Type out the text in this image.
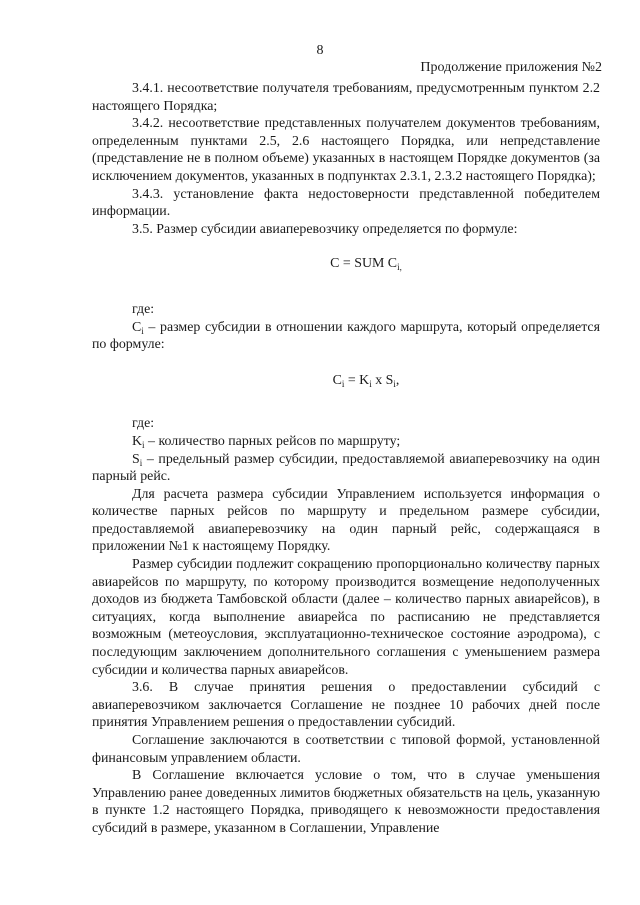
8
Продолжение приложения №2

3.4.1. несоответствие получателя требованиям, предусмотренным пунктом 2.2 настоящего Порядка;

3.4.2. несоответствие представленных получателем документов требованиям, определенным пунктами 2.5, 2.6 настоящего Порядка, или непредставление (представление не в полном объеме) указанных в настоящем Порядке документов (за исключением документов, указанных в подпунктах 2.3.1, 2.3.2 настоящего Порядка);

3.4.3. установление факта недостоверности представленной победителем информации.

3.5. Размер субсидии авиаперевозчику определяется по формуле:

C = SUM $C_{i,}$

где:

$C_i$ – размер субсидии в отношении каждого маршрута, который определяется по формуле:

$C_i = K_i$ x $S_i$,

где:

$K_i$ – количество парных рейсов по маршруту;

$S_i$ – предельный размер субсидии, предоставляемой авиаперевозчику на один парный рейс.

Для расчета размера субсидии Управлением используется информация о количестве парных рейсов по маршруту и предельном размере субсидии, предоставляемой авиаперевозчику на один парный рейс, содержащаяся в приложении №1 к настоящему Порядку.

Размер субсидии подлежит сокращению пропорционально количеству парных авиарейсов по маршруту, по которому производится возмещение недополученных доходов из бюджета Тамбовской области (далее – количество парных авиарейсов), в ситуациях, когда выполнение авиарейса по расписанию не представляется возможным (метеоусловия, эксплуатационно-техническое состояние аэродрома), с последующим заключением дополнительного соглашения с уменьшением размера субсидии и количества парных авиарейсов.

3.6. В случае принятия решения о предоставлении субсидий с авиаперевозчиком заключается Соглашение не позднее 10 рабочих дней после принятия Управлением решения о предоставлении субсидий.

Соглашение заключаются в соответствии с типовой формой, установленной финансовым управлением области.

В Соглашение включается условие о том, что в случае уменьшения Управлению ранее доведенных лимитов бюджетных обязательств на цель, указанную в пункте 1.2 настоящего Порядка, приводящего к невозможности предоставления субсидий в размере, указанном в Соглашении, Управление
